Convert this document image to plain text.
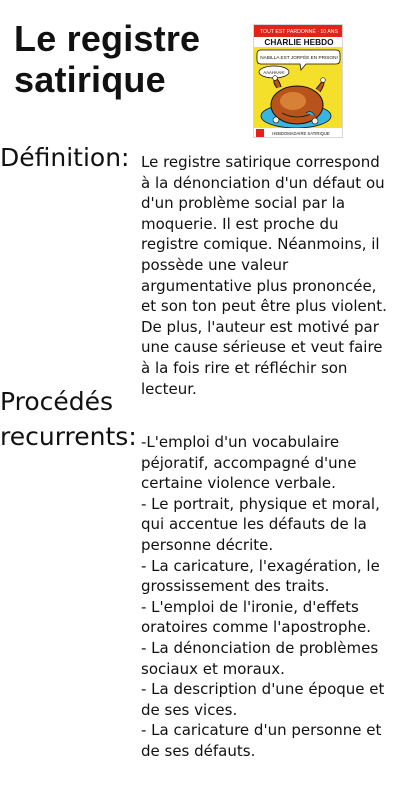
Le registre
satirique
TOUT EST PARDONNÉ · 10 ANS
CHARLIE HEBDO
NABILLA EST JORFÉE EN PRISON!
AAAHAAH!
HEBDOMADAIRE SATIRIQUE
Définition: Le registre satirique correspond à la dénonciation d'un défaut ou d'un problème social par la moquerie. Il est proche du registre comique. Néanmoins, il possède une valeur argumentative plus prononcée, et son ton peut être plus violent. De plus, l'auteur est motivé par une cause sérieuse et veut faire à la fois rire et réfléchir son lecteur.

Procédés
recurrents: -L'emploi d'un vocabulaire péjoratif, accompagné d'une certaine violence verbale.
- Le portrait, physique et moral, qui accentue les défauts de la personne décrite.
- La caricature, l'exagération, le grossissement des traits.
- L'emploi de l'ironie, d'effets oratoires comme l'apostrophe.
- La dénonciation de problèmes sociaux et moraux.
- La description d'une époque et de ses vices.
- La caricature d'un personne et de ses défauts.
